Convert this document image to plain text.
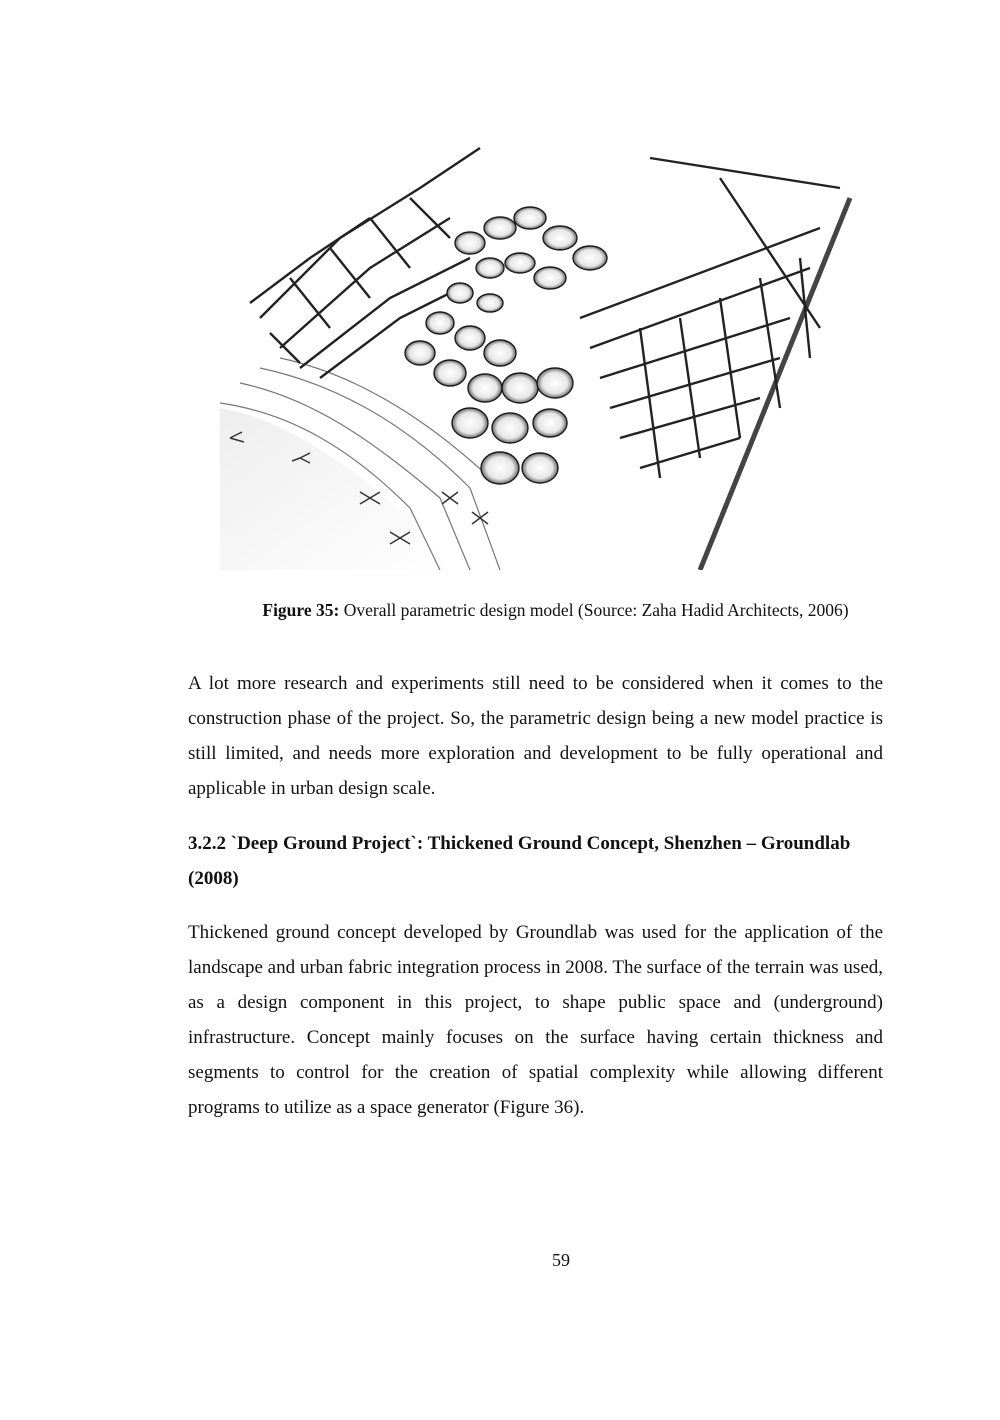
Figure 35: Overall parametric design model (Source: Zaha Hadid Architects, 2006)

A lot more research and experiments still need to be considered when it comes to the construction phase of the project. So, the parametric design being a new model practice is still limited, and needs more exploration and development to be fully operational and applicable in urban design scale.

3.2.2 `Deep Ground Project`: Thickened Ground Concept, Shenzhen – Groundlab (2008)

Thickened ground concept developed by Groundlab was used for the application of the landscape and urban fabric integration process in 2008. The surface of the terrain was used, as a design component in this project, to shape public space and (underground) infrastructure. Concept mainly focuses on the surface having certain thickness and segments to control for the creation of spatial complexity while allowing different programs to utilize as a space generator (Figure 36).

59
